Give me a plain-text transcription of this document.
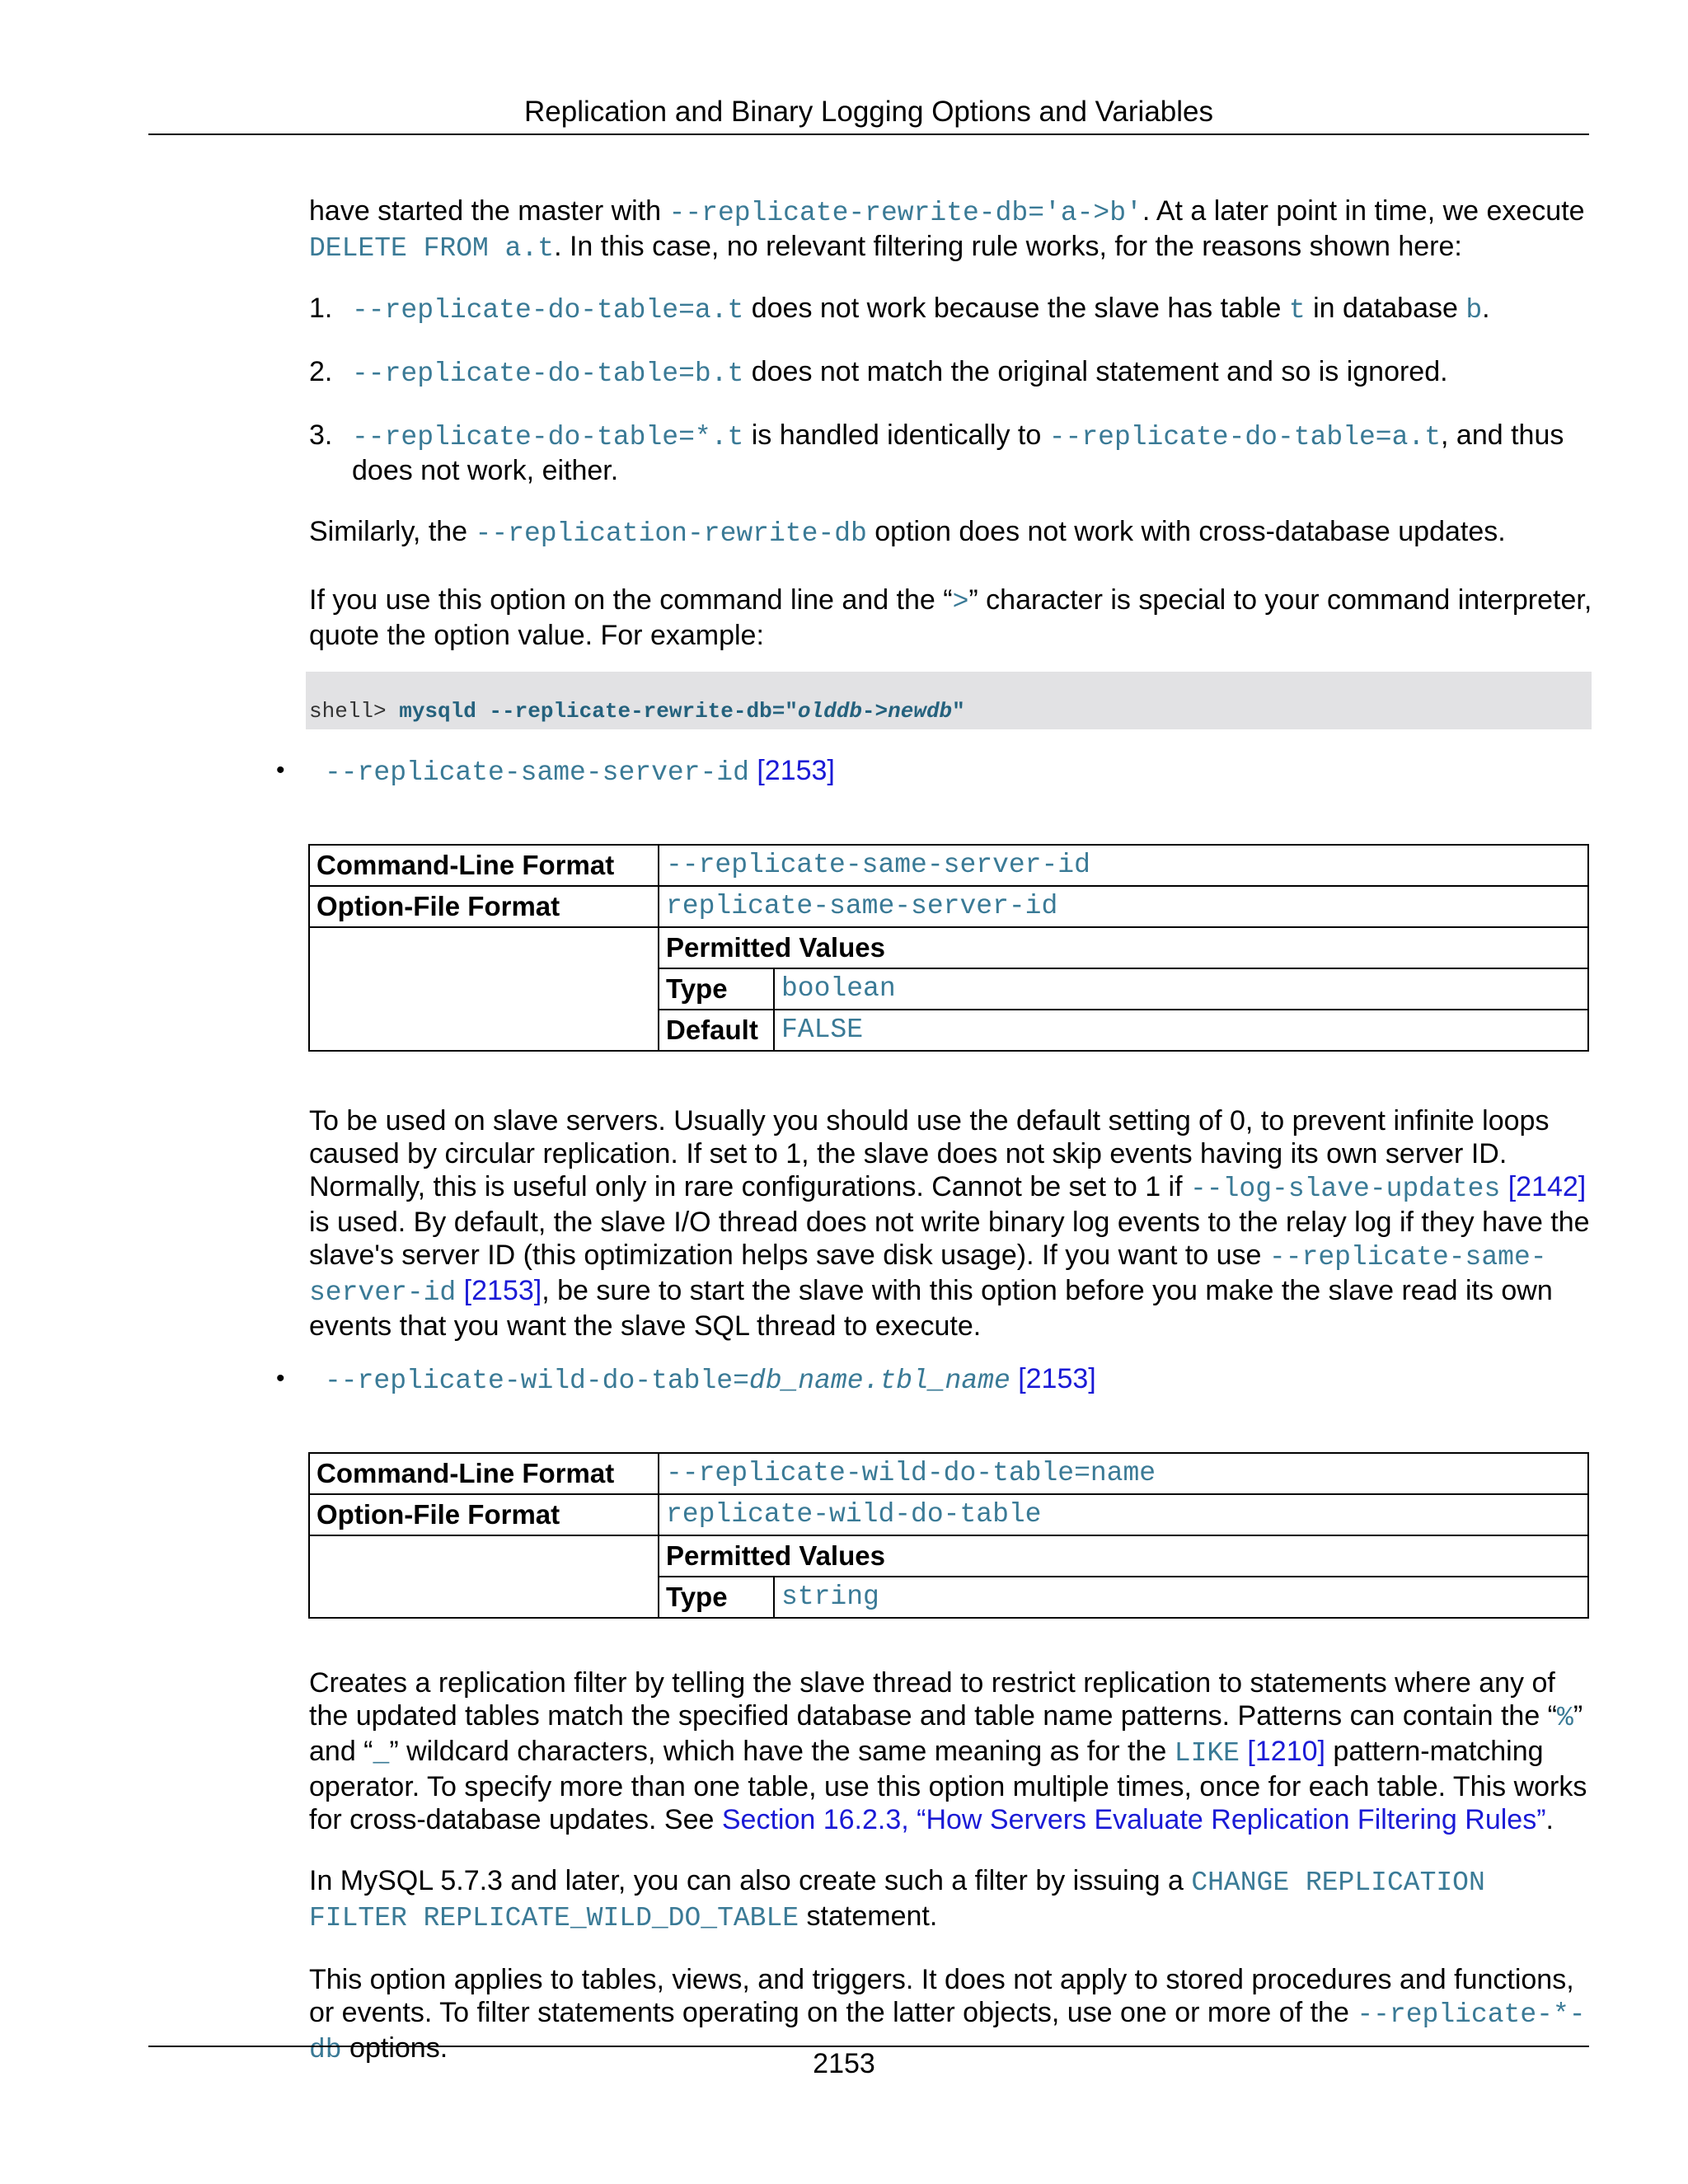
Replication and Binary Logging Options and Variables

have started the master with --replicate-rewrite-db='a->b'. At a later point in time, we execute DELETE FROM a.t. In this case, no relevant filtering rule works, for the reasons shown here:

1. --replicate-do-table=a.t does not work because the slave has table t in database b.
2. --replicate-do-table=b.t does not match the original statement and so is ignored.
3. --replicate-do-table=*.t is handled identically to --replicate-do-table=a.t, and thus does not work, either.

Similarly, the --replication-rewrite-db option does not work with cross-database updates.

If you use this option on the command line and the “>” character is special to your command interpreter, quote the option value. For example:

shell> mysqld --replicate-rewrite-db="olddb->newdb"
• --replicate-same-server-id [2153]
Command-Line Format	--replicate-same-server-id	
Option-File Format	replicate-same-server-id	
	Permitted Values	
	Type	boolean
	Default	FALSE

To be used on slave servers. Usually you should use the default setting of 0, to prevent infinite loops caused by circular replication. If set to 1, the slave does not skip events having its own server ID. Normally, this is useful only in rare configurations. Cannot be set to 1 if --log-slave-updates [2142] is used. By default, the slave I/O thread does not write binary log events to the relay log if they have the slave's server ID (this optimization helps save disk usage). If you want to use --replicate-same-
server-id [2153], be sure to start the slave with this option before you make the slave read its own events that you want the slave SQL thread to execute.

• --replicate-wild-do-table=db_name.tbl_name [2153]
Command-Line Format	--replicate-wild-do-table=name	
Option-File Format	replicate-wild-do-table	
	Permitted Values	
	Type	string

Creates a replication filter by telling the slave thread to restrict replication to statements where any of the updated tables match the specified database and table name patterns. Patterns can contain the “%” and “_” wildcard characters, which have the same meaning as for the LIKE [1210] pattern-matching operator. To specify more than one table, use this option multiple times, once for each table. This works for cross-database updates. See Section 16.2.3, “How Servers Evaluate Replication Filtering Rules”.

In MySQL 5.7.3 and later, you can also create such a filter by issuing a CHANGE REPLICATION
FILTER REPLICATE_WILD_DO_TABLE statement.

This option applies to tables, views, and triggers. It does not apply to stored procedures and functions, or events. To filter statements operating on the latter objects, use one or more of the --replicate-*-db options.	2153
